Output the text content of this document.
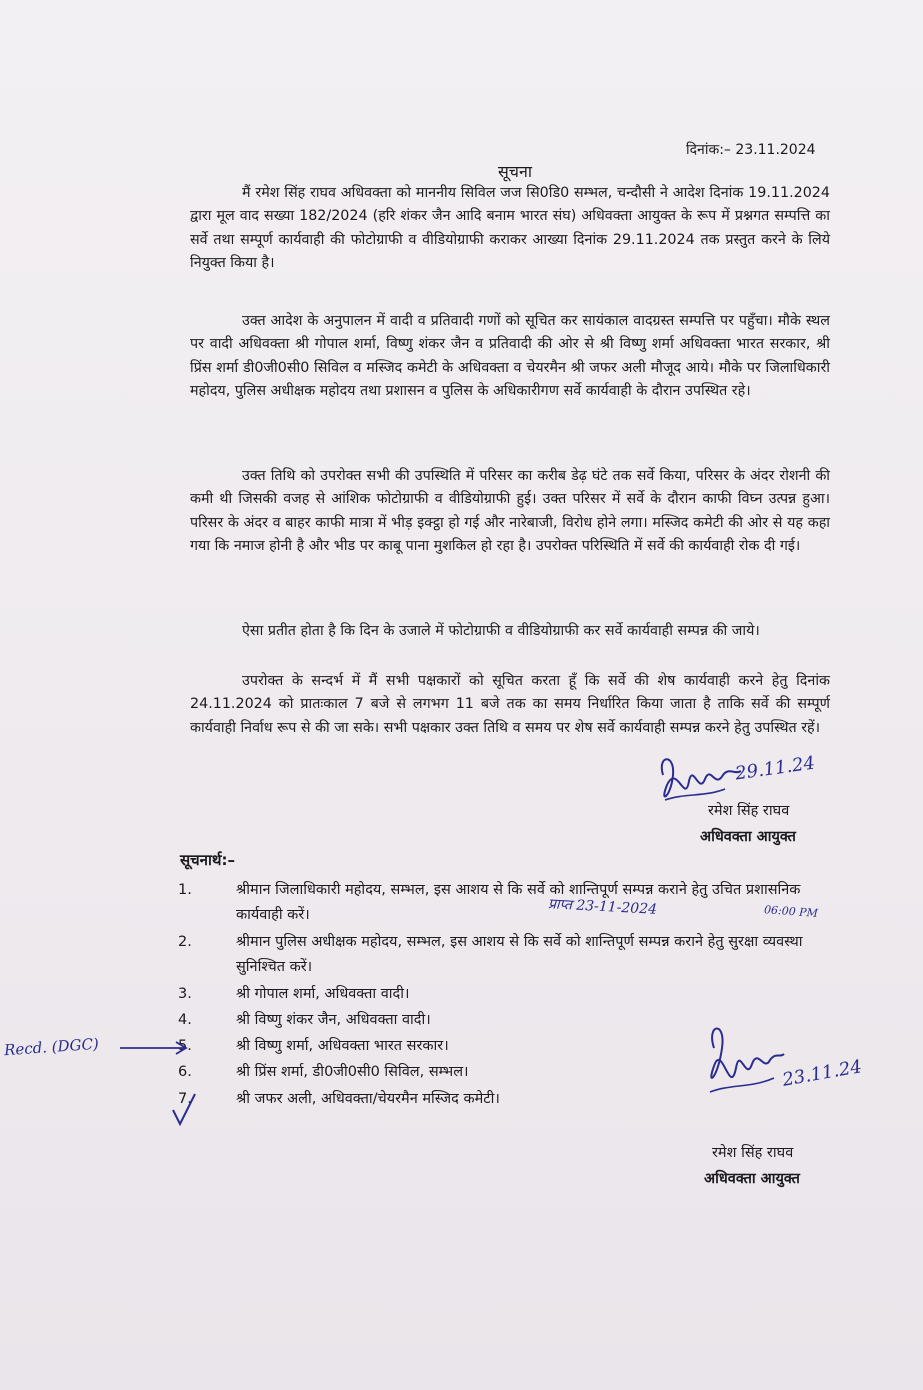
दिनांक:– 23.11.2024
सूचना

मैं रमेश सिंह राघव अधिवक्ता को माननीय सिविल जज सि0डि0 सम्भल, चन्दौसी ने आदेश दिनांक 19.11.2024 द्वारा मूल वाद सख्या 182/2024 (हरि शंकर जैन आदि बनाम भारत संघ) अधिवक्ता आयुक्त के रूप में प्रश्नगत सम्पत्ति का सर्वे तथा सम्पूर्ण कार्यवाही की फोटोग्राफी व वीडियोग्राफी कराकर आख्या दिनांक 29.11.2024 तक प्रस्तुत करने के लिये नियुक्त किया है।

उक्त आदेश के अनुपालन में वादी व प्रतिवादी गणों को सूचित कर सायंकाल वादग्रस्त सम्पत्ति पर पहुँचा। मौके स्थल पर वादी अधिवक्ता श्री गोपाल शर्मा, विष्णु शंकर जैन व प्रतिवादी की ओर से श्री विष्णु शर्मा अधिवक्ता भारत सरकार, श्री प्रिंस शर्मा डी0जी0सी0 सिविल व मस्जिद कमेटी के अधिवक्ता व चेयरमैन श्री जफर अली मौजूद आये। मौके पर जिलाधिकारी महोदय, पुलिस अधीक्षक महोदय तथा प्रशासन व पुलिस के अधिकारीगण सर्वे कार्यवाही के दौरान उपस्थित रहे।

उक्त तिथि को उपरोक्त सभी की उपस्थिति में परिसर का करीब डेढ़ घंटे तक सर्वे किया, परिसर के अंदर रोशनी की कमी थी जिसकी वजह से आंशिक फोटोग्राफी व वीडियोग्राफी हुई। उक्त परिसर में सर्वे के दौरान काफी विघ्न उत्पन्न हुआ। परिसर के अंदर व बाहर काफी मात्रा में भीड़ इक्ट्ठा हो गई और नारेबाजी, विरोध होने लगा। मस्जिद कमेटी की ओर से यह कहा गया कि नमाज होनी है और भीड पर काबू पाना मुशकिल हो रहा है। उपरोक्त परिस्थिति में सर्वे की कार्यवाही रोक दी गई।

ऐसा प्रतीत होता है कि दिन के उजाले में फोटोग्राफी व वीडियोग्राफी कर सर्वे कार्यवाही सम्पन्न की जाये।

उपरोक्त के सन्दर्भ में मैं सभी पक्षकारों को सूचित करता हूँ कि सर्वे की शेष कार्यवाही करने हेतु दिनांक 24.11.2024 को प्रातःकाल 7 बजे से लगभग 11 बजे तक का समय निर्धारित किया जाता है ताकि सर्वे की सम्पूर्ण कार्यवाही निर्वाध रूप से की जा सके। सभी पक्षकार उक्त तिथि व समय पर शेष सर्वे कार्यवाही सम्पन्न करने हेतु उपस्थित रहें।

29.11.24
रमेश सिंह राघव
अधिवक्ता आयुक्त
सूचनार्थ:–
1.	श्रीमान जिलाधिकारी महोदय, सम्भल, इस आशय से कि सर्वे को शान्तिपूर्ण सम्पन्न कराने हेतु उचित प्रशासनिक कार्यवाही करें।	प्राप्त 23-11-2024	06:00 PM
2.	श्रीमान पुलिस अधीक्षक महोदय, सम्भल, इस आशय से कि सर्वे को शान्तिपूर्ण सम्पन्न कराने हेतु सुरक्षा व्यवस्था सुनिश्चित करें।
3.	श्री गोपाल शर्मा, अधिवक्ता वादी।
4.	श्री विष्णु शंकर जैन, अधिवक्ता वादी।
5.	श्री विष्णु शर्मा, अधिवक्ता भारत सरकार।
6.	श्री प्रिंस शर्मा, डी0जी0सी0 सिविल, सम्भल।
7.	श्री जफर अली, अधिवक्ता/चेयरमैन मस्जिद कमेटी।
Recd. (DGC)
23.11.24
रमेश सिंह राघव
अधिवक्ता आयुक्त
